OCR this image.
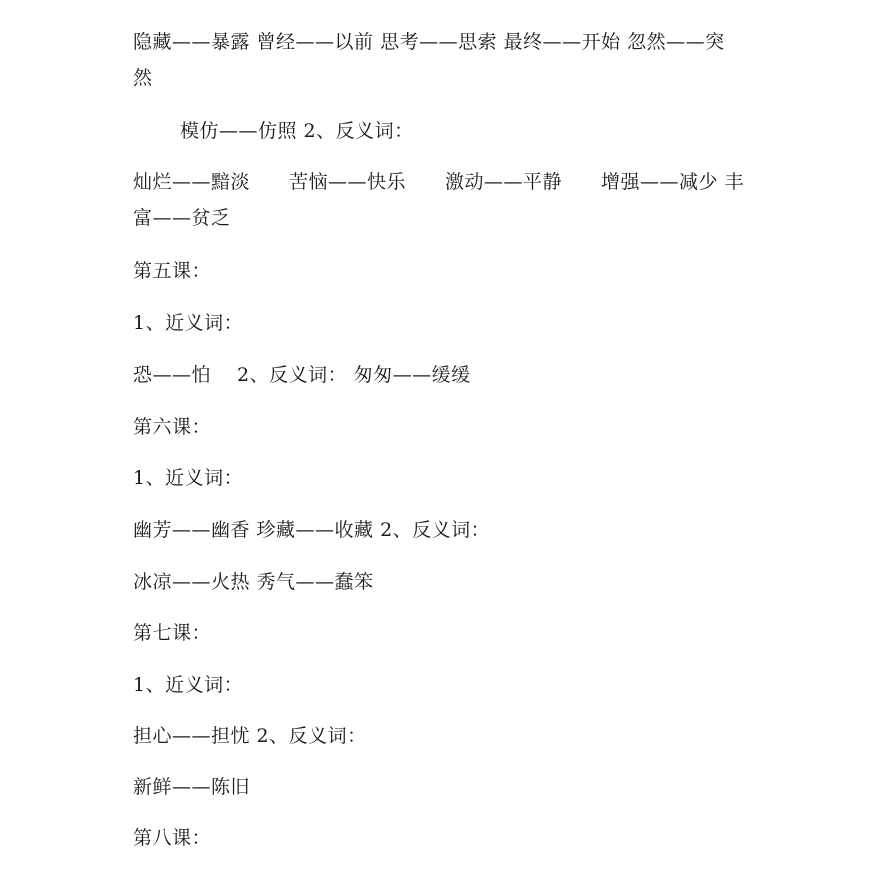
隐藏——暴露 曾经——以前 思考——思索 最终——开始 忽然——突
然
模仿——仿照 2、反义词：
灿烂——黯淡　　苦恼——快乐　　激动——平静　　增强——减少 丰
富——贫乏
第五课：
1、近义词：
恐——怕　 2、反义词： 匆匆——缓缓
第六课：
1、近义词：
幽芳——幽香 珍藏——收藏 2、反义词：
冰凉——火热 秀气——蠢笨
第七课：
1、近义词：
担心——担忧 2、反义词：
新鲜——陈旧
第八课：
